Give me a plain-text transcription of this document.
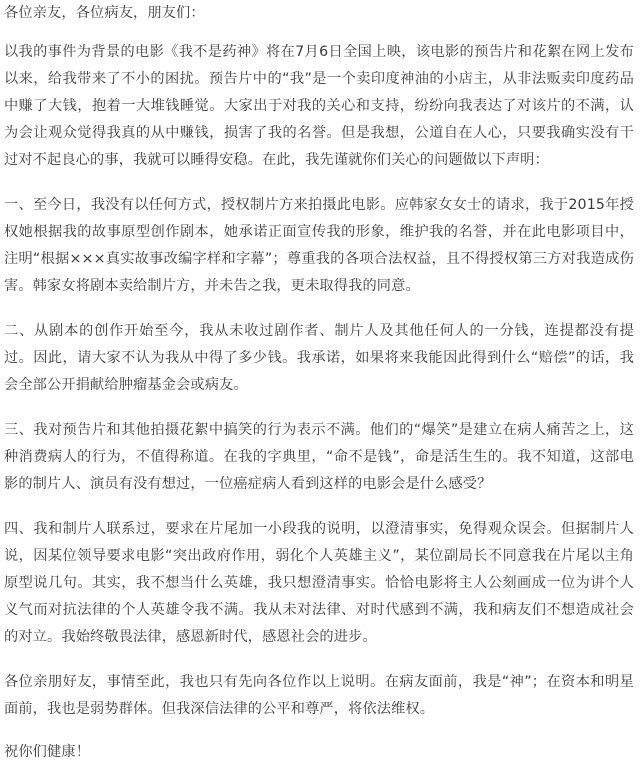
各位亲友，各位病友，朋友们：

以我的事件为背景的电影《我不是药神》将在7月6日全国上映，该电影的预告片和花絮在网上发布以来，给我带来了不小的困扰。预告片中的“我”是一个卖印度神油的小店主，从非法贩卖印度药品中赚了大钱，抱着一大堆钱睡觉。大家出于对我的关心和支持，纷纷向我表达了对该片的不满，认为会让观众觉得我真的从中赚钱，损害了我的名誉。但是我想，公道自在人心，只要我确实没有干过对不起良心的事，我就可以睡得安稳。在此，我先谨就你们关心的问题做以下声明：

一、至今日，我没有以任何方式，授权制片方来拍摄此电影。应韩家女女士的请求，我于2015年授权她根据我的故事原型创作剧本，她承诺正面宣传我的形象，维护我的名誉，并在此电影项目中，注明“根据×××真实故事改编字样和字幕”；尊重我的各项合法权益，且不得授权第三方对我造成伤害。韩家女将剧本卖给制片方，并未告之我，更未取得我的同意。

二、从剧本的创作开始至今，我从未收过剧作者、制片人及其他任何人的一分钱，连提都没有提过。因此，请大家不认为我从中得了多少钱。我承诺，如果将来我能因此得到什么“赔偿”的话，我会全部公开捐献给肿瘤基金会或病友。

三、我对预告片和其他拍摄花絮中搞笑的行为表示不满。他们的“爆笑”是建立在病人痛苦之上，这种消费病人的行为，不值得称道。在我的字典里，“命不是钱”，命是活生生的。我不知道，这部电影的制片人、演员有没有想过，一位癌症病人看到这样的电影会是什么感受？

四、我和制片人联系过，要求在片尾加一小段我的说明，以澄清事实，免得观众误会。但据制片人说，因某位领导要求电影“突出政府作用，弱化个人英雄主义”，某位副局长不同意我在片尾以主角原型说几句。其实，我不想当什么英雄，我只想澄清事实。恰恰电影将主人公刻画成一位为讲个人义气而对抗法律的个人英雄令我不满。我从未对法律、对时代感到不满，我和病友们不想造成社会的对立。我始终敬畏法律，感恩新时代，感恩社会的进步。

各位亲朋好友，事情至此，我也只有先向各位作以上说明。在病友面前，我是“神”；在资本和明星面前，我也是弱势群体。但我深信法律的公平和尊严，将依法维权。

祝你们健康！
